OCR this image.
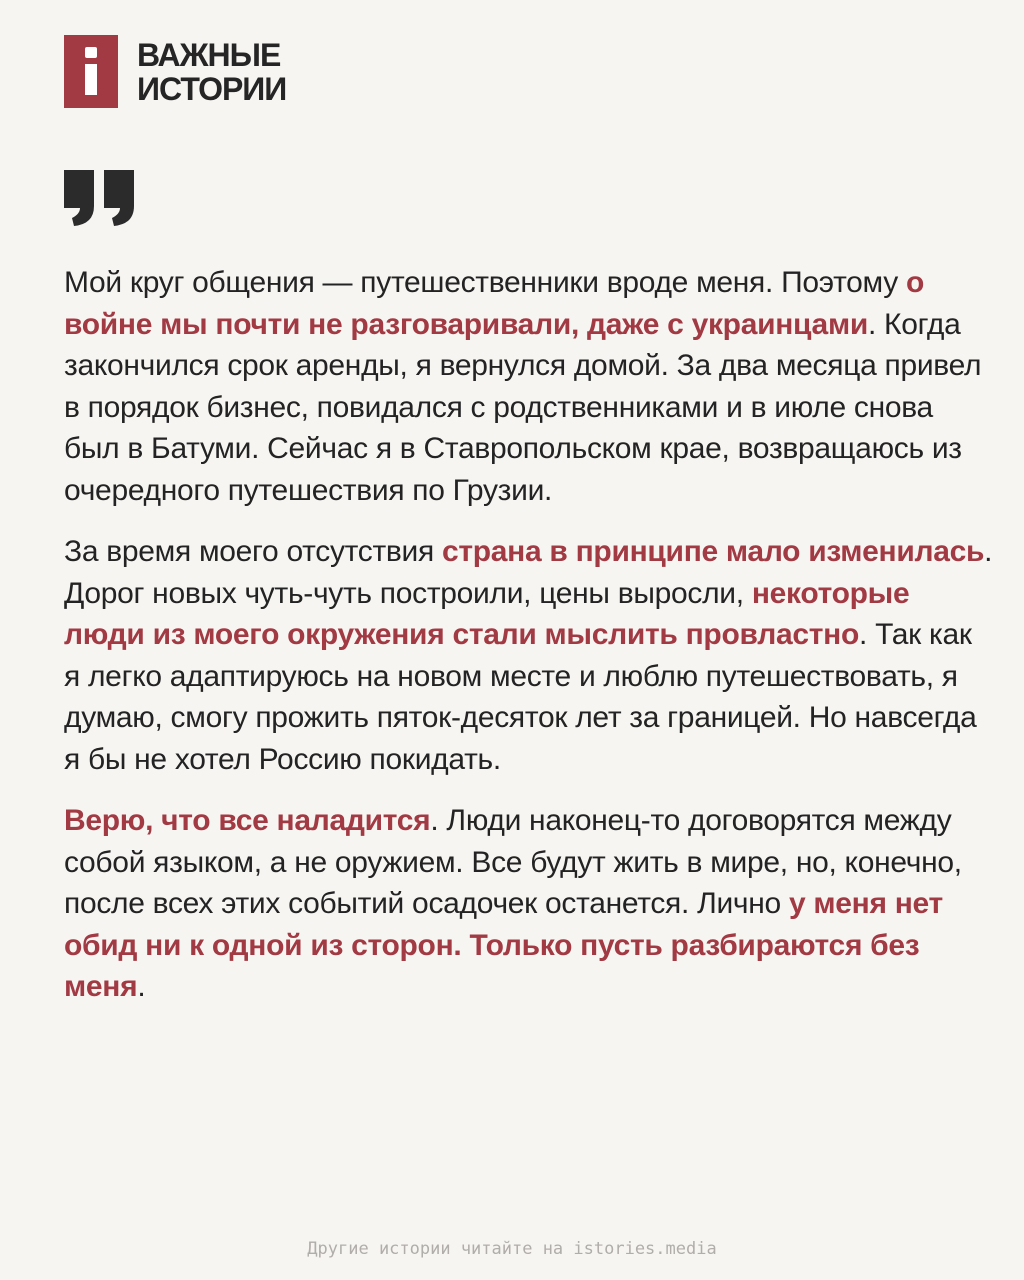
ВАЖНЫЕ
ИСТОРИИ

Мой круг общения — путешественники вроде меня. Поэтому о войне мы почти не разговаривали, даже с украинцами. Когда закончился срок аренды, я вернулся домой. За два месяца привел в порядок бизнес, повидался с родственниками и в июле снова был в Батуми. Сейчас я в Ставропольском крае, возвращаюсь из очередного путешествия по Грузии.

За время моего отсутствия страна в принципе мало изменилась. Дорог новых чуть-чуть построили, цены выросли, некоторые люди из моего окружения стали мыслить провластно. Так как я легко адаптируюсь на новом месте и люблю путешествовать, я думаю, смогу прожить пяток-десяток лет за границей. Но навсегда я бы не хотел Россию покидать.

Верю, что все наладится. Люди наконец-то договорятся между собой языком, а не оружием. Все будут жить в мире, но, конечно, после всех этих событий осадочек останется. Лично у меня нет обид ни к одной из сторон. Только пусть разбираются без меня.

Другие истории читайте на istories.media
